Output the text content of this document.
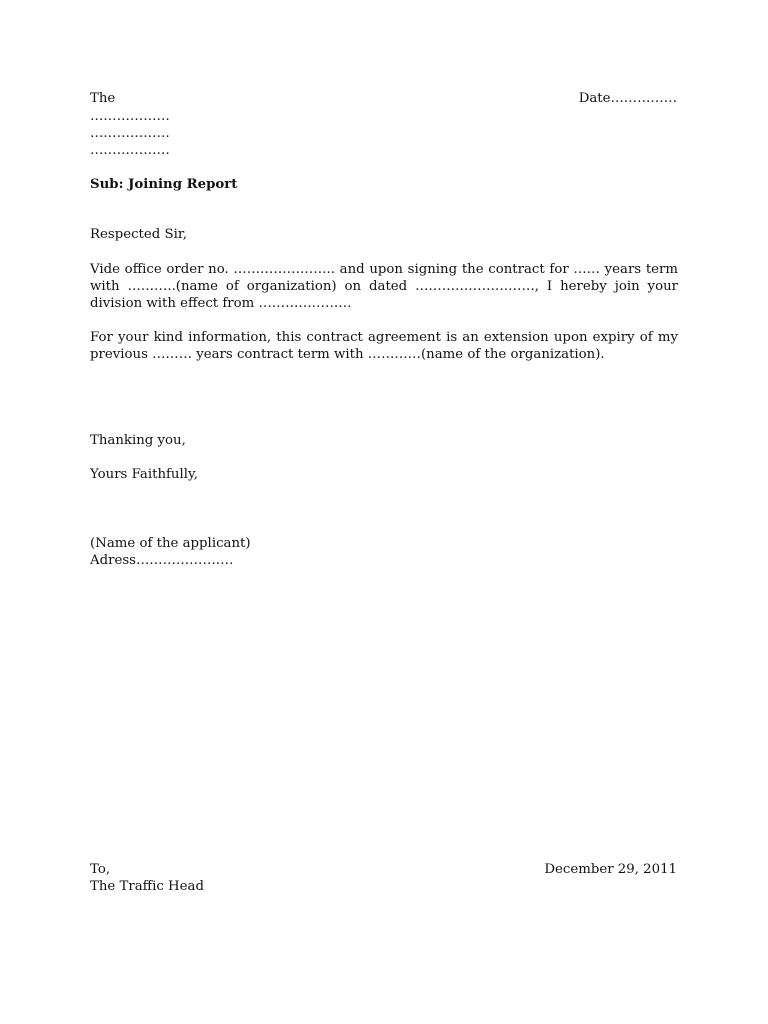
The	Date……………
………………
………………
………………
Sub: Joining Report
Respected Sir,
Vide office order no. ………………….. and upon signing the contract for …… years term with ………..(name of organization) on dated ………………………, I hereby join your division with effect from …………………
For your kind information, this contract agreement is an extension upon expiry of my previous ……… years contract term with …………(name of the organization).
Thanking you,
Yours Faithfully,
(Name of the applicant)
Adress………………….
To,	December 29, 2011
The Traffic Head
